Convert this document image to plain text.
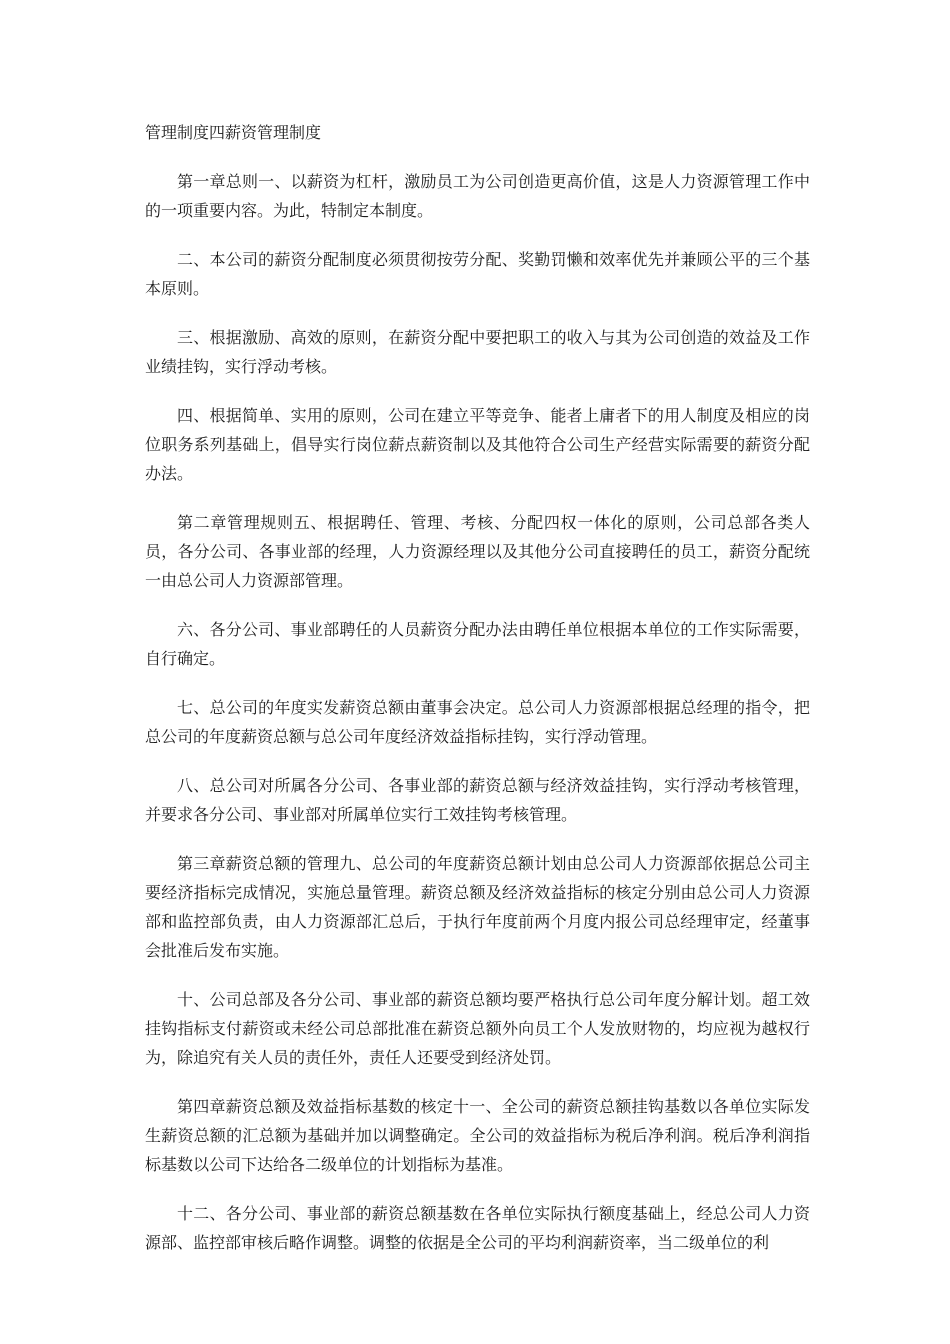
管理制度四薪资管理制度

第一章总则一、以薪资为杠杆，激励员工为公司创造更高价值，这是人力资源管理工作中的一项重要内容。为此，特制定本制度。

二、本公司的薪资分配制度必须贯彻按劳分配、奖勤罚懒和效率优先并兼顾公平的三个基本原则。

三、根据激励、高效的原则，在薪资分配中要把职工的收入与其为公司创造的效益及工作业绩挂钩，实行浮动考核。

四、根据简单、实用的原则，公司在建立平等竞争、能者上庸者下的用人制度及相应的岗位职务系列基础上，倡导实行岗位薪点薪资制以及其他符合公司生产经营实际需要的薪资分配办法。

第二章管理规则五、根据聘任、管理、考核、分配四权一体化的原则，公司总部各类人员，各分公司、各事业部的经理，人力资源经理以及其他分公司直接聘任的员工，薪资分配统一由总公司人力资源部管理。

六、各分公司、事业部聘任的人员薪资分配办法由聘任单位根据本单位的工作实际需要，自行确定。

七、总公司的年度实发薪资总额由董事会决定。总公司人力资源部根据总经理的指令，把总公司的年度薪资总额与总公司年度经济效益指标挂钩，实行浮动管理。

八、总公司对所属各分公司、各事业部的薪资总额与经济效益挂钩，实行浮动考核管理，并要求各分公司、事业部对所属单位实行工效挂钩考核管理。

第三章薪资总额的管理九、总公司的年度薪资总额计划由总公司人力资源部依据总公司主要经济指标完成情况，实施总量管理。薪资总额及经济效益指标的核定分别由总公司人力资源部和监控部负责，由人力资源部汇总后，于执行年度前两个月度内报公司总经理审定，经董事会批准后发布实施。

十、公司总部及各分公司、事业部的薪资总额均要严格执行总公司年度分解计划。超工效挂钩指标支付薪资或未经公司总部批准在薪资总额外向员工个人发放财物的，均应视为越权行为，除追究有关人员的责任外，责任人还要受到经济处罚。

第四章薪资总额及效益指标基数的核定十一、全公司的薪资总额挂钩基数以各单位实际发生薪资总额的汇总额为基础并加以调整确定。全公司的效益指标为税后净利润。税后净利润指标基数以公司下达给各二级单位的计划指标为基准。

十二、各分公司、事业部的薪资总额基数在各单位实际执行额度基础上，经总公司人力资源部、监控部审核后略作调整。调整的依据是全公司的平均利润薪资率，当二级单位的利
